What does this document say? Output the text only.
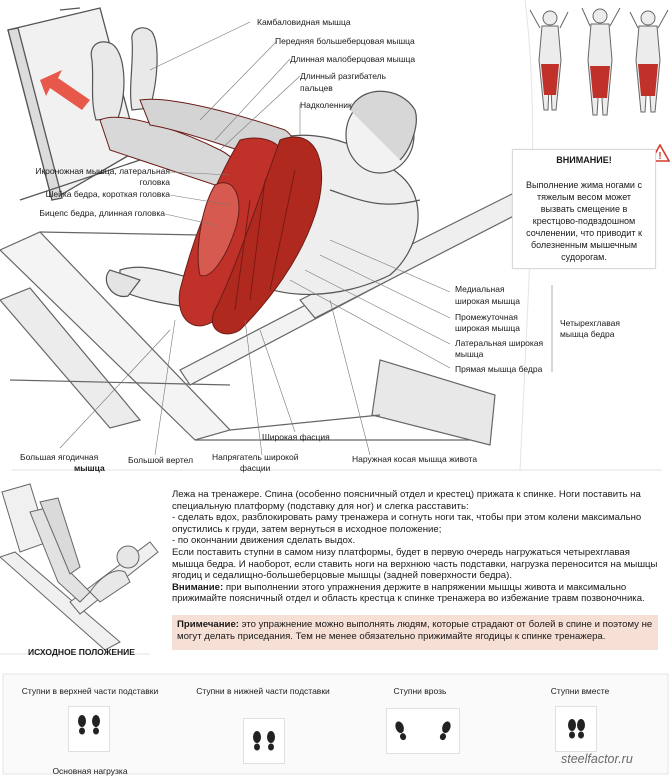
!
Камбаловидная мышца
Передняя большеберцовая мышца
Длинная малоберцовая мышца
Длинный разгибатель
пальцев
Надколенник
Икроножная мышца, латеральная
головка
Шейка бедра, короткая головка
Бицепс бедра, длинная головка
Медиальная
широкая мышца
Промежуточная
широкая мышца
Латеральная широкая
мышца
Прямая мышца бедра
Четырехглавая
мышца бедра
Широкая фасция
Большая ягодичная
мышца
Большой вертел Напрягатель широкой
фасции
Наружная косая мышца живота
ВНИМАНИЕ!
Выполнение жима ногами с тяжелым весом может вызвать смещение в крестцово-подвздошном сочленении, что приводит к болезненным мышечным судорогам.
ИСХОДНОЕ ПОЛОЖЕНИЕ

Лежа на тренажере. Спина (особенно поясничный отдел и крестец) прижата к спинке. Ноги поставить на специальную платформу (подставку для ног) и слегка расставить:

- сделать вдох, разблокировать раму тренажера и согнуть ноги так, чтобы при этом колени максимально опустились к груди, затем вернуться в исходное положение;

- по окончании движения сделать выдох.

Если поставить ступни в самом низу платформы, будет в первую очередь нагружаться четырехглавая мышца бедра. И наоборот, если ставить ноги на верхнюю часть подставки, нагрузка переносится на мышцы ягодиц и седалищно-большеберцовые мышцы (задней поверхности бедра).

Внимание: при выполнении этого упражнения держите в напряжении мышцы живота и максимально прижимайте поясничный отдел и область крестца к спинке тренажера во избежание травм позвоночника.

Примечание: это упражнение можно выполнять людям, которые страдают от болей в спине и поэтому не могут делать приседания. Тем не менее обязательно прижимайте ягодицы к спинке тренажера.
Ступни в верхней части подставки	Ступни в нижней части подставки	Ступни врозь	Ступни вместе
Основная нагрузка
steelfactor.ru
